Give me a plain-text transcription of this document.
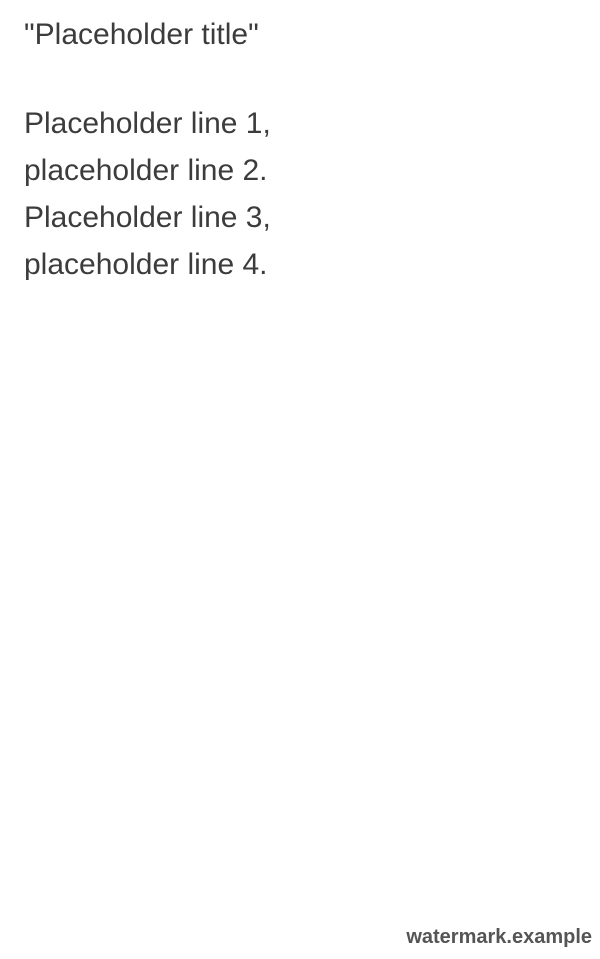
"Placeholder title"
Placeholder line 1,
placeholder line 2.
Placeholder line 3,
placeholder line 4.
watermark.example
